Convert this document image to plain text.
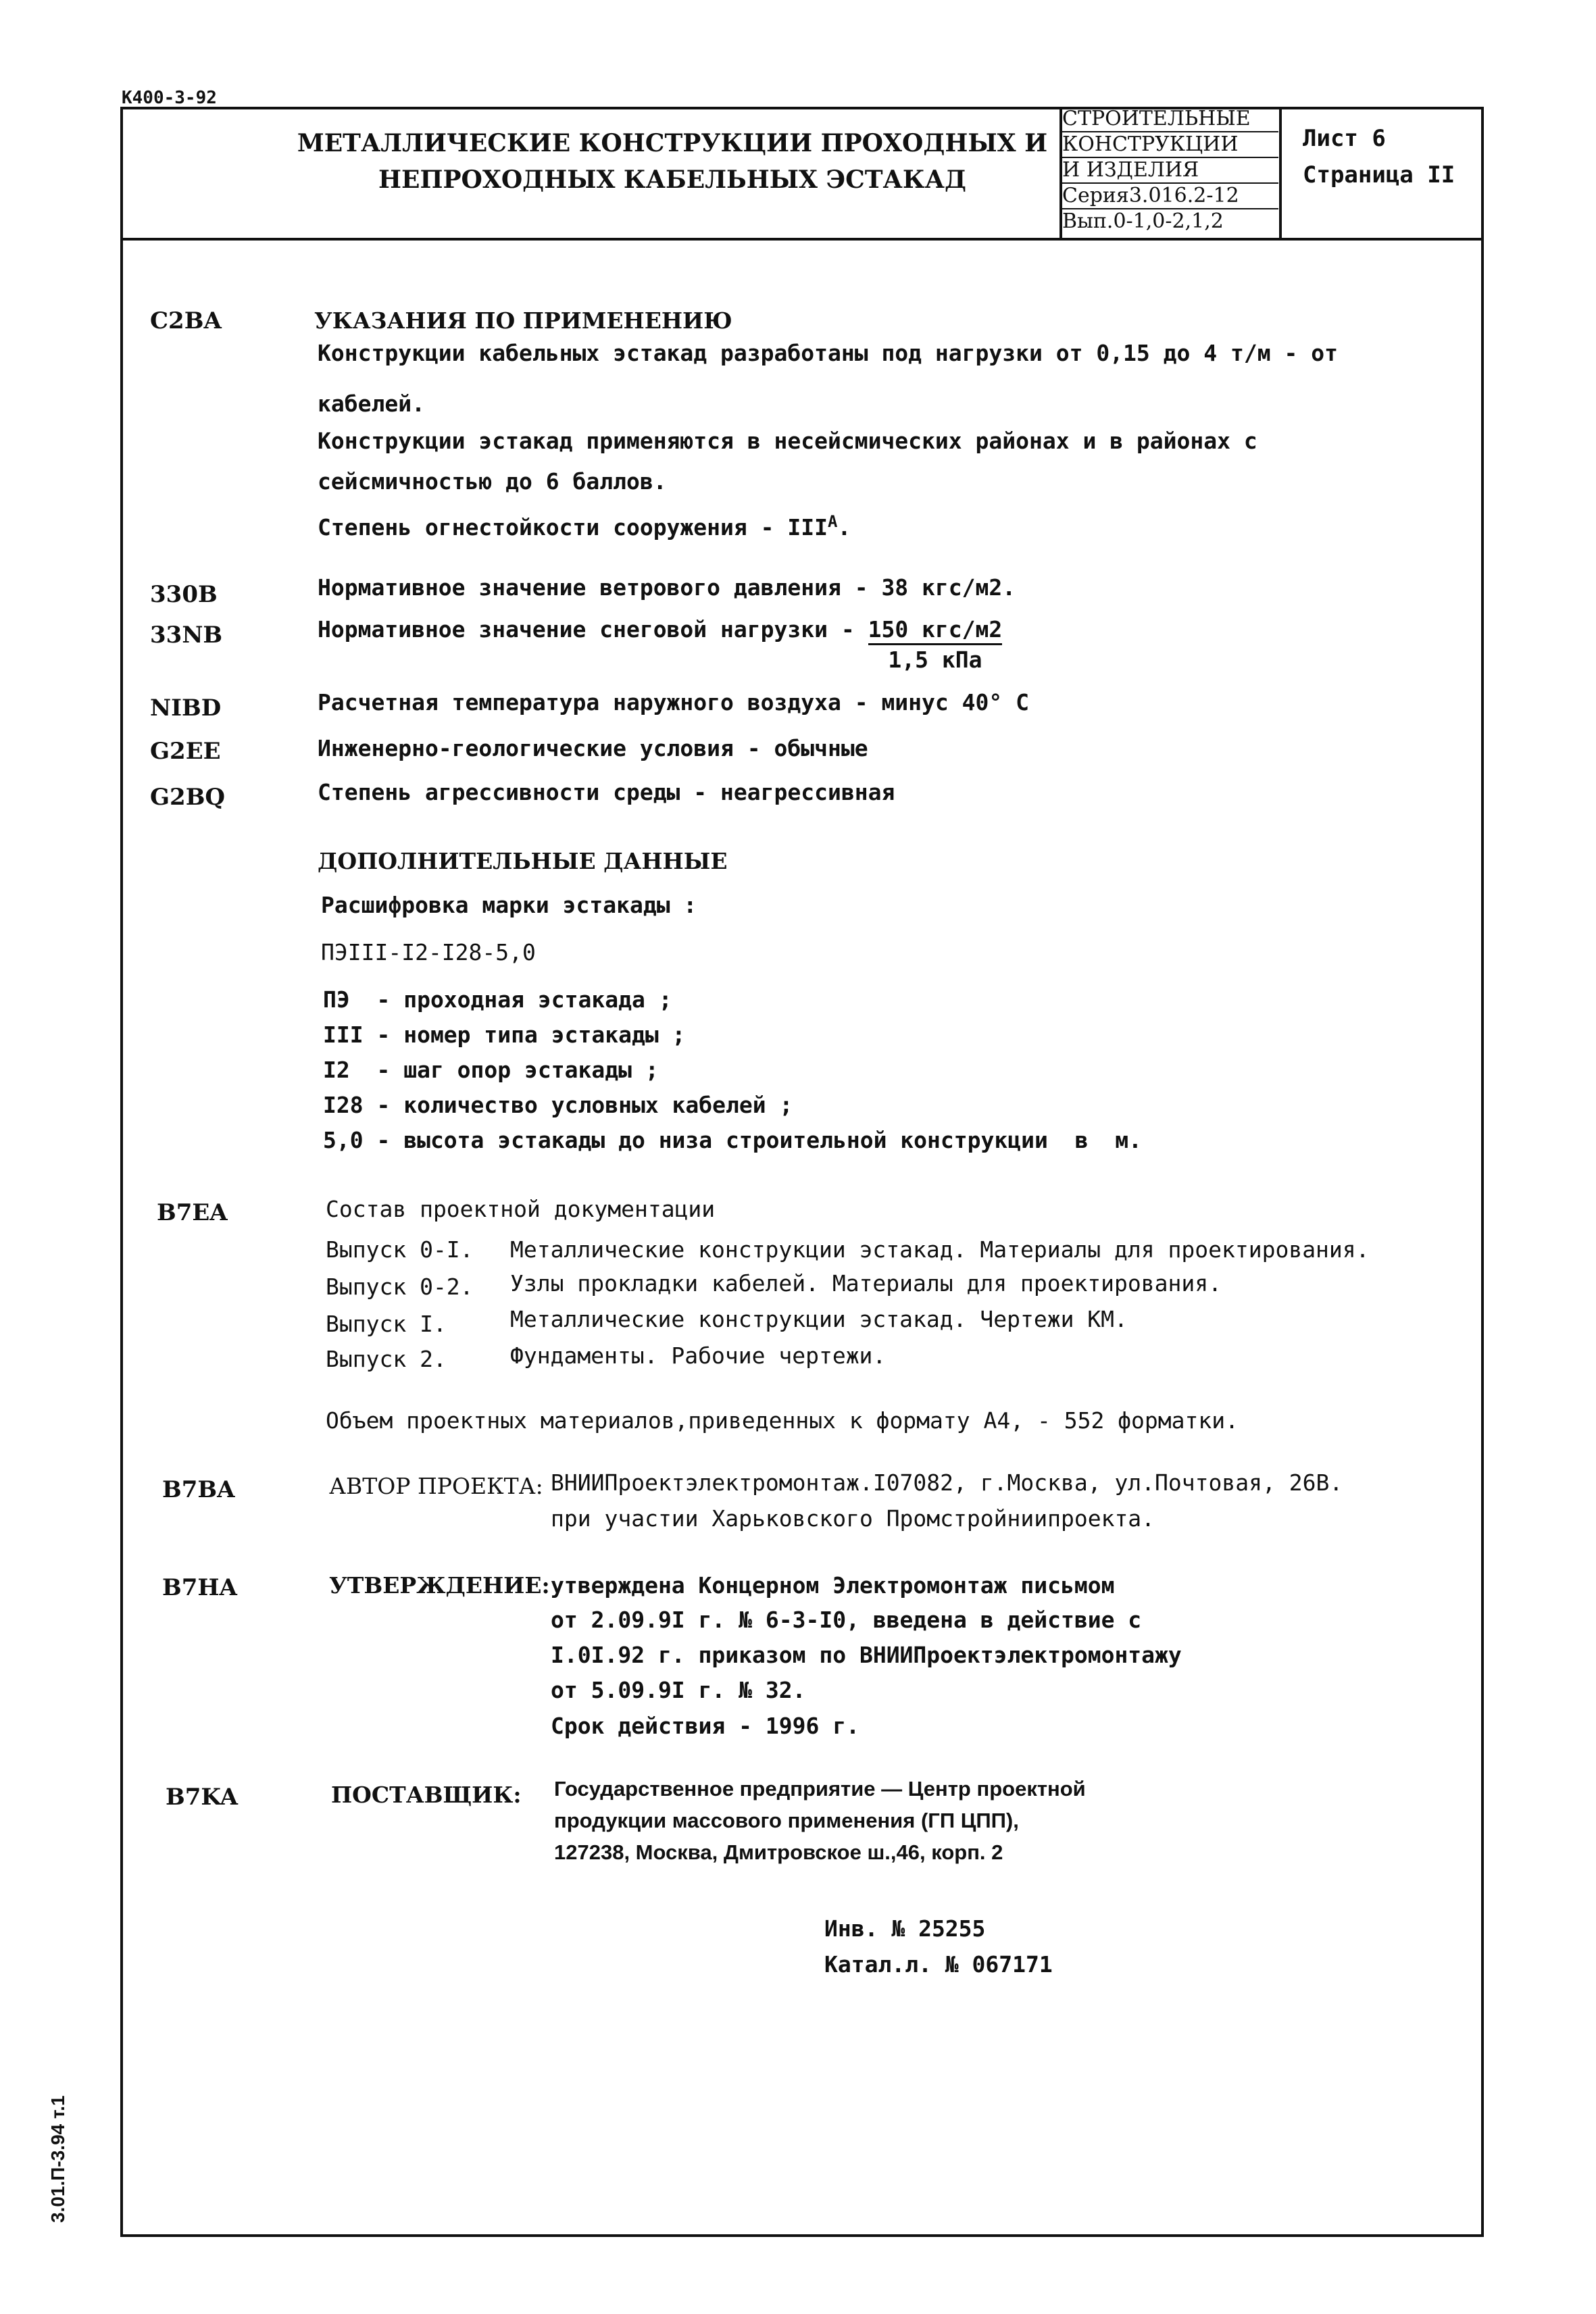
К400-3-92
МЕТАЛЛИЧЕСКИЕ КОНСТРУКЦИИ ПРОХОДНЫХ И
НЕПРОХОДНЫХ КАБЕЛЬНЫХ ЭСТАКАД
СТРОИТЕЛЬНЫЕ
КОНСТРУКЦИИ
И ИЗДЕЛИЯ
Серия3.016.2-12
Вып.0-1,0-2,1,2
Лист 6
Страница II
C2BA	УКАЗАНИЯ ПО ПРИМЕНЕНИЮ
Конструкции кабельных эстакад разработаны под нагрузки от 0,15 до 4 т/м - от
кабелей.
Конструкции эстакад применяются в несейсмических районах и в районах с
сейсмичностью до 6 баллов.
Степень огнестойкости сооружения - $III^А$.
330B	Нормативное значение ветрового давления - 38 кгс/м2.
33NB	Нормативное значение снеговой нагрузки - $\frac{\text{150 кгс/м2}}{\text{1,5 кПа}}$
NIBD	Расчетная температура наружного воздуха - минус 40° С
G2EE	Инженерно-геологические условия - обычные
G2BQ	Степень агрессивности среды - неагрессивная
ДОПОЛНИТЕЛЬНЫЕ ДАННЫЕ
Расшифровка марки эстакады :
ПЭIII-I2-I28-5,0
ПЭ  - проходная эстакада ;
III - номер типа эстакады ;
I2  - шаг опор эстакады ;
I28 - количество условных кабелей ;
5,0 - высота эстакады до низа строительной конструкции  в  м.
B7EA	Состав проектной документации
Выпуск 0-I. Металлические конструкции эстакад. Материалы для проектирования.
Выпуск 0-2. Узлы прокладки кабелей. Материалы для проектирования.
Выпуск I.	Металлические конструкции эстакад. Чертежи КМ.
Выпуск 2.	Фундаменты. Рабочие чертежи.
Объем проектных материалов,приведенных к формату А4, - 552 форматки.
B7BA	АВТОР ПРОЕКТА: ВНИИПроектэлектромонтаж.I07082, г.Москва, ул.Почтовая, 26В.
при участии Харьковского Промстройниипроекта.
B7HA	УТВЕРЖДЕНИЕ: утверждена Концерном Электромонтаж письмом
от 2.09.9I г. № 6-3-I0, введена в действие с
I.0I.92 г. приказом по ВНИИПроектэлектромонтажу
от 5.09.9I г. № 32.
Срок действия - 1996 г.
B7KA	ПОСТАВЩИК: Государственное предприятие — Центр проектной
продукции массового применения (ГП ЦПП),
127238, Москва, Дмитровское ш.,46, корп. 2
Инв. № 25255
Катал.л. № 067171
3.01.П-3.94 т.1
